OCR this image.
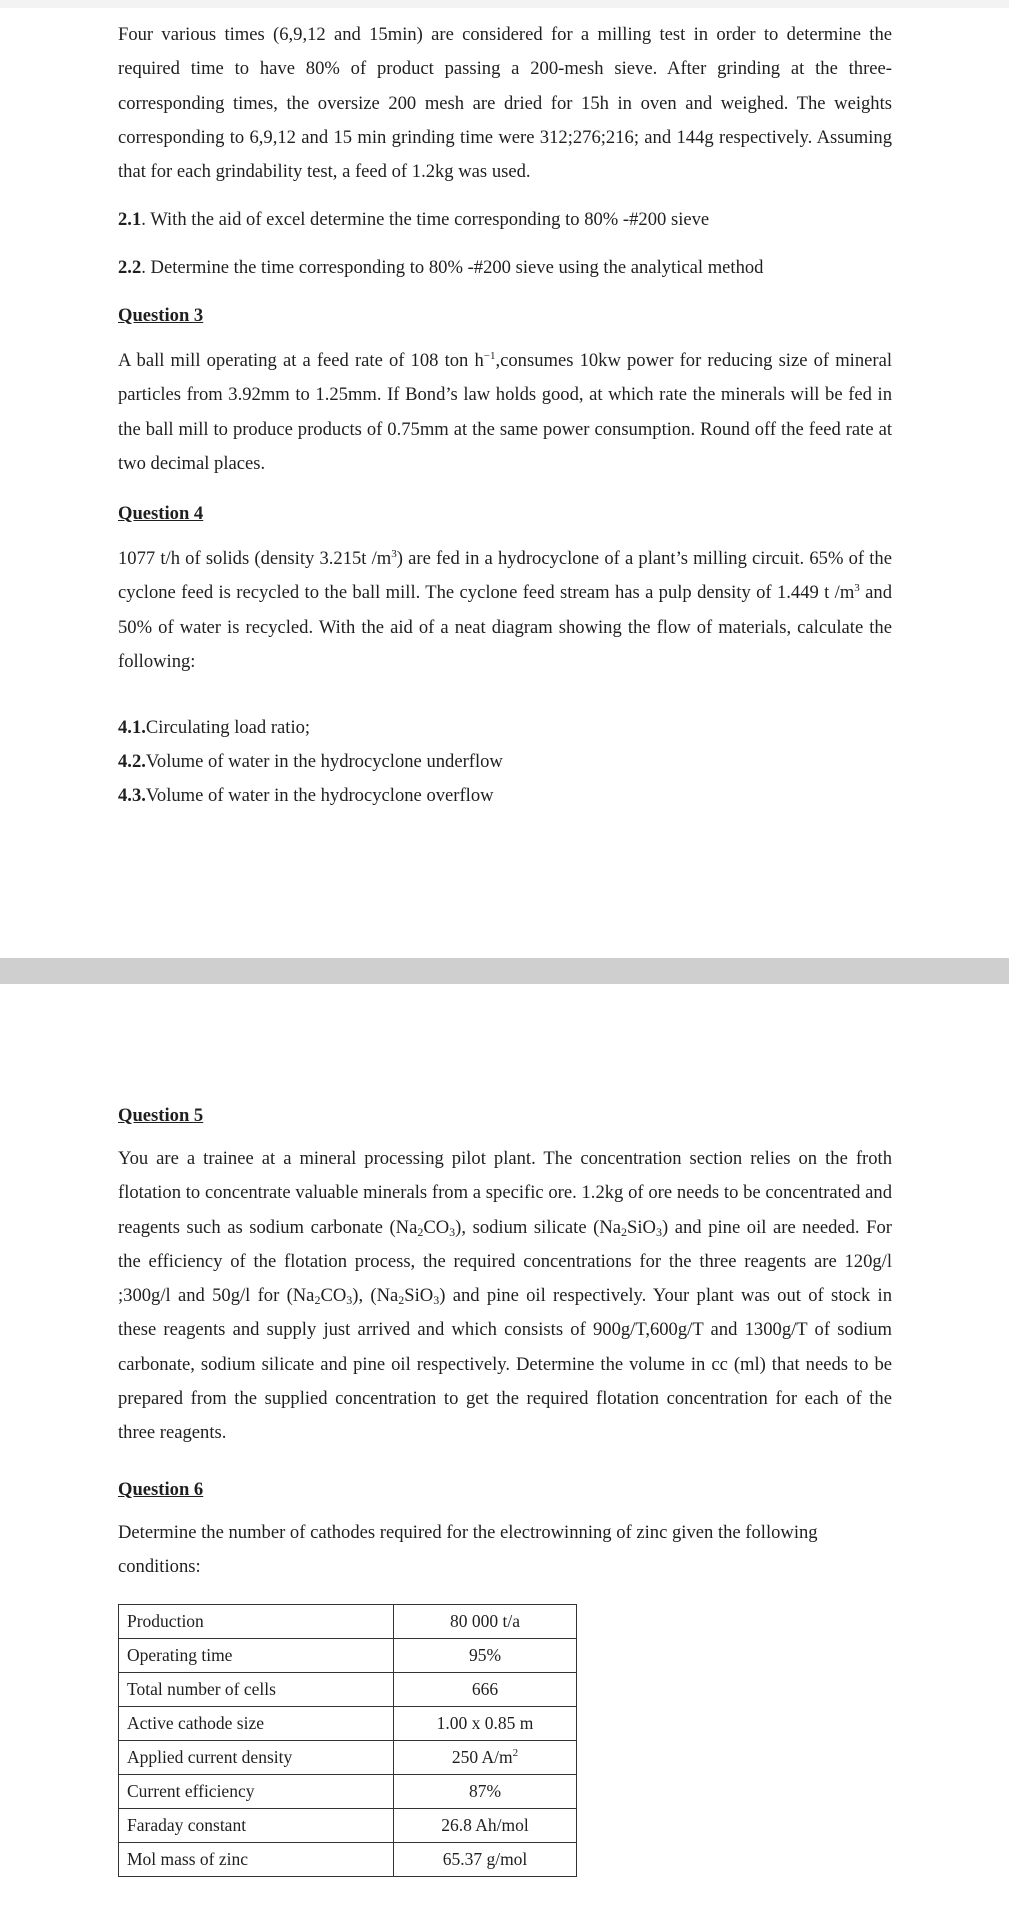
Four various times (6,9,12 and 15min) are considered for a milling test in order to determine the required time to have 80% of product passing a 200-mesh sieve. After grinding at the three-corresponding times, the oversize 200 mesh are dried for 15h in oven and weighed. The weights corresponding to 6,9,12 and 15 min grinding time were 312;276;216; and 144g respectively. Assuming that for each grindability test, a feed of 1.2kg was used.

2.1. With the aid of excel determine the time corresponding to 80% -#200 sieve
2.2. Determine the time corresponding to 80% -#200 sieve using the analytical method
Question 3

A ball mill operating at a feed rate of 108 ton $h^{-1},consumes$ 10kw power for reducing size of mineral particles from 3.92mm to 1.25mm. If Bond’s law holds good, at which rate the minerals will be fed in the ball mill to produce products of 0.75mm at the same power consumption. Round off the feed rate at two decimal places.

Question 4

1077 t/h of solids (density 3.215t $/m^3$) are fed in a hydrocyclone of a plant’s milling circuit. 65% of the cyclone feed is recycled to the ball mill. The cyclone feed stream has a pulp density of 1.449 t $/m^3$ and 50% of water is recycled. With the aid of a neat diagram showing the flow of materials, calculate the following:

4.1.Circulating load ratio;
4.2.Volume of water in the hydrocyclone underflow
4.3.Volume of water in the hydrocyclone overflow
Question 5

You are a trainee at a mineral processing pilot plant. The concentration section relies on the froth flotation to concentrate valuable minerals from a specific ore. 1.2kg of ore needs to be concentrated and reagents such as sodium carbonate (Na2CO3), sodium silicate (Na2SiO3) and pine oil are needed. For the efficiency of the flotation process, the required concentrations for the three reagents are 120g/l ;300g/l and 50g/l for (Na2CO3), (Na2SiO3) and pine oil respectively. Your plant was out of stock in these reagents and supply just arrived and which consists of 900g/T,600g/T and 1300g/T of sodium carbonate, sodium silicate and pine oil respectively. Determine the volume in cc (ml) that needs to be prepared from the supplied concentration to get the required flotation concentration for each of the three reagents.

Question 6

Determine the number of cathodes required for the electrowinning of zinc given the following conditions:

Production	80 000 t/a
Operating time	95%
Total number of cells	666
Active cathode size	1.00 x 0.85 m
Applied current density	250 $A/m^2$
Current efficiency	87%
Faraday constant	26.8 Ah/mol
Mol mass of zinc	65.37 g/mol
